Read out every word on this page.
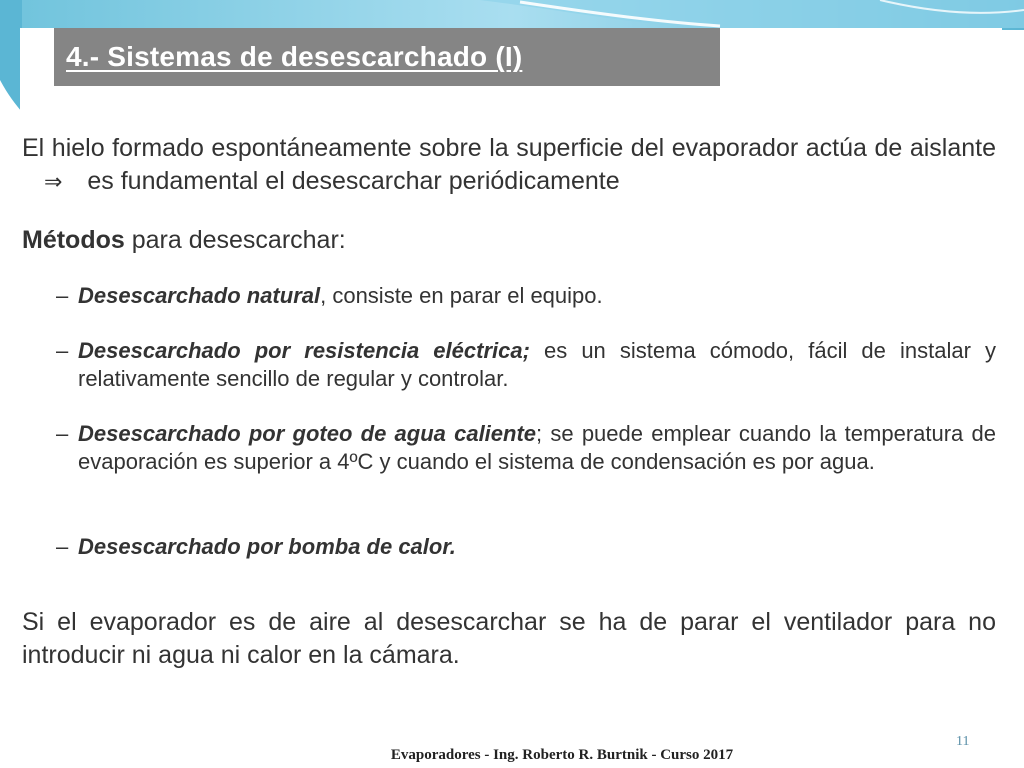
4.- Sistemas de desescarchado (I)
El hielo formado espontáneamente sobre la superficie del evaporador actúa de aislante ⇒ es fundamental el desescarchar periódicamente
Métodos para desescarchar:
– Desescarchado natural, consiste en parar el equipo.
– Desescarchado por resistencia eléctrica; es un sistema cómodo, fácil de instalar y relativamente sencillo de regular y controlar.
– Desescarchado por goteo de agua caliente; se puede emplear cuando la temperatura de evaporación es superior a 4ºC y cuando el sistema de condensación es por agua.
– Desescarchado por bomba de calor.
Si el evaporador es de aire al desescarchar se ha de parar el ventilador para no introducir ni agua ni calor en la cámara.
11
Evaporadores - Ing. Roberto R. Burtnik - Curso 2017
